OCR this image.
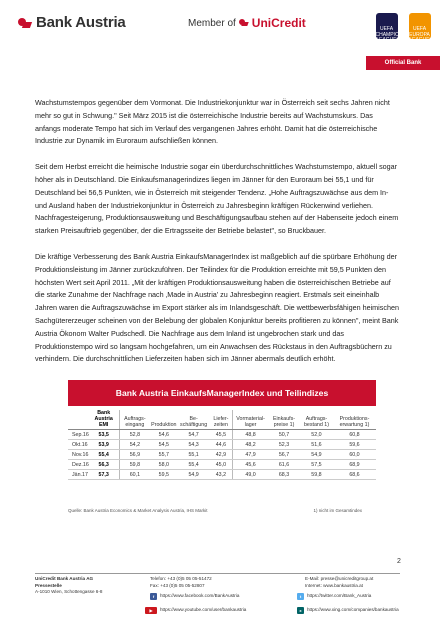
Bank Austria	Member of UniCredit	UEFA CHAMPIONS LEAGUE
UEFA EUROPA LEAGUE
Official Bank

Wachstumstempos gegenüber dem Vormonat. Die Industriekonjunktur war in Österreich seit sechs Jahren nicht mehr so gut in Schwung." Seit März 2015 ist die österreichische Industrie bereits auf Wachstumskurs. Das anfangs moderate Tempo hat sich im Verlauf des vergangenen Jahres erhöht. Damit hat die österreichische Industrie zur Dynamik im Euroraum aufschließen können.

Seit dem Herbst erreicht die heimische Industrie sogar ein überdurchschnittliches Wachstumstempo, aktuell sogar höher als in Deutschland. Die Einkaufsmanagerindizes liegen im Jänner für den Euroraum bei 55,1 und für Deutschland bei 56,5 Punkten, wie in Österreich mit steigender Tendenz. „Hohe Auftragszuwächse aus dem In- und Ausland haben der Industriekonjunktur in Österreich zu Jahresbeginn kräftigen Rückenwind verliehen. Nachfragesteigerung, Produktionsausweitung und Beschäftigungsaufbau stehen auf der Habenseite jedoch einem starken Preisauftrieb gegenüber, der die Ertragsseite der Betriebe belastet", so Bruckbauer.

Die kräftige Verbesserung des Bank Austria EinkaufsManagerIndex ist maßgeblich auf die spürbare Erhöhung der Produktionsleistung im Jänner zurückzuführen. Der Teilindex für die Produktion erreichte mit 59,5 Punkten den höchsten Wert seit April 2011. „Mit der kräftigen Produktionsausweitung haben die österreichischen Betriebe auf die starke Zunahme der Nachfrage nach ‚Made in Austria' zu Jahresbeginn reagiert. Erstmals seit eineinhalb Jahren waren die Auftragszuwächse im Export stärker als im Inlandsgeschäft. Die wettbewerbsfähigen heimischen Sachgütererzeuger scheinen von der Belebung der globalen Konjunktur bereits profitieren zu können", meint Bank Austria Ökonom Walter Pudschedl. Die Nachfrage aus dem Inland ist ungebrochen stark und das Produktionstempo wird so langsam hochgefahren, um ein Anwachsen des Rückstaus in den Auftragsbüchern zu verhindern. Die durchschnittlichen Lieferzeiten haben sich im Jänner abermals deutlich erhöht.

Bank Austria EinkaufsManagerIndex und Teilindizes
	Bank Austria EMI	Auftrags-eingang	Produktion	Be-schäftigung	Liefer-zeiten	Vormaterial-lager	Einkaufs-preise 1)	Auftrags-bestand 1)	Produktions-erwartung 1)
Sep.16	53,5	52,8	54,6	54,7	45,5	48,8	50,7	52,0	60,8
Okt.16	53,9	54,2	54,5	54,3	44,6	48,2	52,3	51,6	59,6
Nov.16	55,4	56,9	55,7	55,1	42,9	47,9	56,7	54,9	60,0
Dez.16	56,3	59,8	58,0	55,4	45,0	45,6	61,6	57,5	68,9
Jän.17	57,3	60,1	59,5	54,9	43,2	49,0	68,3	59,8	68,6
Quelle: Bank Austria Economics & Market Analysis Austria, IHS Markit	1) nicht im Gesamtindex
2
UniCredit Bank Austria AG
Pressestelle
A-1010 Wien, Schottengasse 6-8
Telefon: +43 (0)5 05 05-51472
Fax: +43 (0)5 05 05-52807
E-Mail: presse@unicreditgroup.at
Internet: www.bankaustria.at
f	https://www.facebook.com/BankAustria
▶	https://www.youtube.com/user/bankaustria
t	https://twitter.com/Bank_Austria
x	https://www.xing.com/companies/bankaustria
